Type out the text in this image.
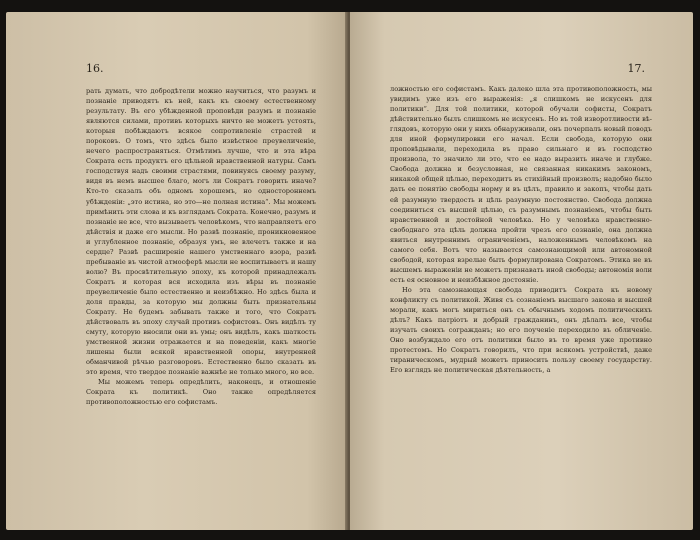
16.

рать думать, что добродѣтели можно научиться, что разумъ и познаніе приводятъ къ ней, какъ къ своему естественному результату. Въ его убѣжденной проповѣди разумъ и познаніе являются силами, противъ которыхъ ничто не можетъ устоять, которыя побѣждаютъ всякое сопротивленіе страстей и пороковъ. О томъ, что здѣсь было извѣстное преувеличеніе, нечего распространяться. Отмѣтимъ лучше, что и эта вѣра Сократа есть продуктъ его цѣльной нравственной натуры. Самъ господствуя надъ своими страстями, повинуясь своему разуму, видя въ немъ высшее благо, могъ ли Сократъ говорить иначе? Кто-то сказалъ объ одномъ хорошемъ, но одностороннемъ убѣжденіи: „это истина, но это—не полная истина“. Мы можемъ примѣнить эти слова и къ взглядамъ Сократа. Конечно, разумъ и познаніе не все, что вызываетъ человѣкомъ, что направляетъ его дѣйствія и даже его мысли. Но развѣ познаніе, проникновенное и углубленное познаніе, образуя умъ, не влечетъ также и на сердце? Развѣ расширеніе нашего умственнаго взора, развѣ пребываніе въ чистой атмосферѣ мысли не воспитываетъ и нашу волю? Въ просвѣтительную эпоху, къ которой принадлежалъ Сократъ и которая вся исходила изъ вѣры въ познаніе преувеличеніе было естественно и неизбѣжно. Но здѣсь была и доля правды, за которую мы должны быть признательны Сократу. Не будемъ забывать также и того, что Сократъ дѣйствовалъ въ эпоху случай противъ софистовъ. Онъ видѣлъ ту смуту, которую вносили они въ умы; онъ видѣлъ, какъ шаткость умственной жизни отражается и на поведеніи, какъ многіе лишены были всякой нравственной опоры, внутренней обманчивой рѣчью разговоровъ. Естественно было сказать въ это время, что твердое познаніе важнѣе не только много, но все.

Мы можемъ теперь опредѣлить, наконецъ, и отношеніе Сократа къ политикѣ. Оно также опредѣляется противоположностью его софистамъ.

17.

ложностью его софистамъ. Какъ далеко шла эта противоположность, мы увидимъ уже изъ его выраженія: „я слишкомъ не искусенъ для политики“. Для той политики, которой обучали софисты, Сократъ дѣйствительно былъ слишкомъ не искусенъ. Но въ той изворотливости вѣглядовъ, которую они у нихъ обнаруживали, онъ почерпалъ новый поводъ для иной формулировки его начал. Если свобода, которую они проповѣдывали, переходила въ право сильнаго и въ господство произвола, то значило ли это, что ее надо выразить иначе и глубже. Свобода должна и безусловная, не связанная никакимъ закономъ, никакой общей цѣлью, переходитъ въ стихійный произволъ; надобно было дать ее понятію свободы норму и въ цѣлъ, правило и закопъ, чтобы дать ей разумную твердость и цѣль разумную постоянство. Свобода должна соединиться съ высшей цѣлью, съ разумнымъ познаніемъ, чтобы быть нравственной и достойной человѣка. Но у человѣка нравственно-свободнаго эта цѣль должна пройти чрезъ его сознаніе, она должна явиться внутреннимъ ограниченіемъ, наложеннымъ человѣкомъ на самого себя. Вотъ что называется самознающимой или автономной свободой, которая взрелые быть формулирована Сократомъ. Этика не въ высшемъ выраженіи не можетъ признавать иной свободы; автономія воли есть ея основное и неизбѣжное достояніе.

Но эта самознающая свобода приводитъ Сократа къ новому конфликту съ политикой. Живя съ сознаніемъ высшаго закона и высшей морали, какъ могъ мириться онъ съ обычнымъ ходомъ политическихъ дѣлъ? Какъ патріотъ и добрый гражданинъ, онъ дѣлалъ все, чтобы изучать своихъ согражданъ; но его поученіе переходило въ обличеніе. Оно возбуждало его отъ политики было въ то время уже противно протестомъ. Но Сократъ говорилъ, что при всякомъ устройствѣ, даже тираническомъ, мудрый можетъ приносить пользу своему государству. Его взглядъ не политическая дѣятельность, а
